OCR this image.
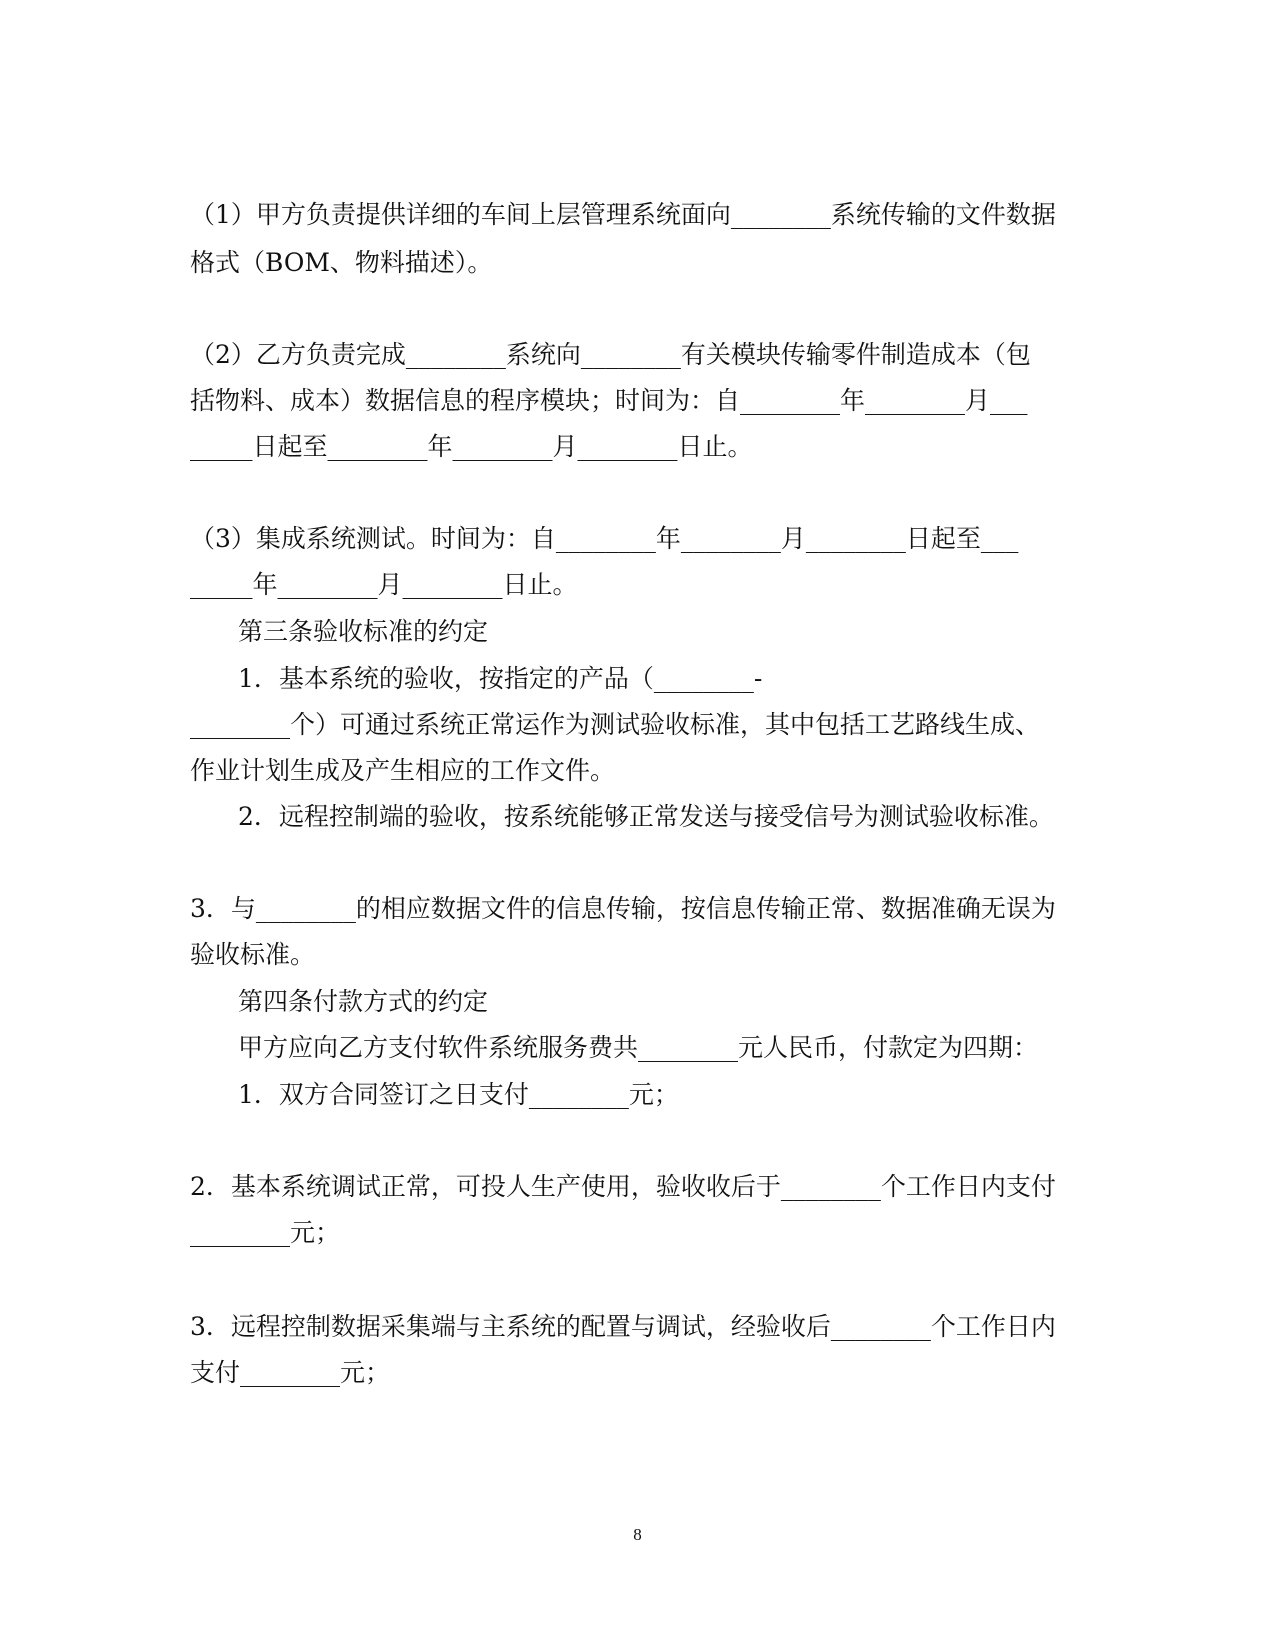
（1）甲方负责提供详细的车间上层管理系统面向________系统传输的文件数据

格式（BOM、物料描述）。

（2）乙方负责完成________系统向________有关模块传输零件制造成本（包

括物料、成本）数据信息的程序模块；时间为：自________年________月___

_____日起至________年________月________日止。

（3）集成系统测试。时间为：自________年________月________日起至___

_____年________月________日止。

第三条验收标准的约定

1．基本系统的验收，按指定的产品（________-

________个）可通过系统正常运作为测试验收标准，其中包括工艺路线生成、

作业计划生成及产生相应的工作文件。

2．远程控制端的验收，按系统能够正常发送与接受信号为测试验收标准。

3．与________的相应数据文件的信息传输，按信息传输正常、数据准确无误为

验收标准。

第四条付款方式的约定

甲方应向乙方支付软件系统服务费共________元人民币，付款定为四期：

1．双方合同签订之日支付________元；

2．基本系统调试正常，可投人生产使用，验收收后于________个工作日内支付

________元；

3．远程控制数据采集端与主系统的配置与调试，经验收后________个工作日内

支付________元；

8
